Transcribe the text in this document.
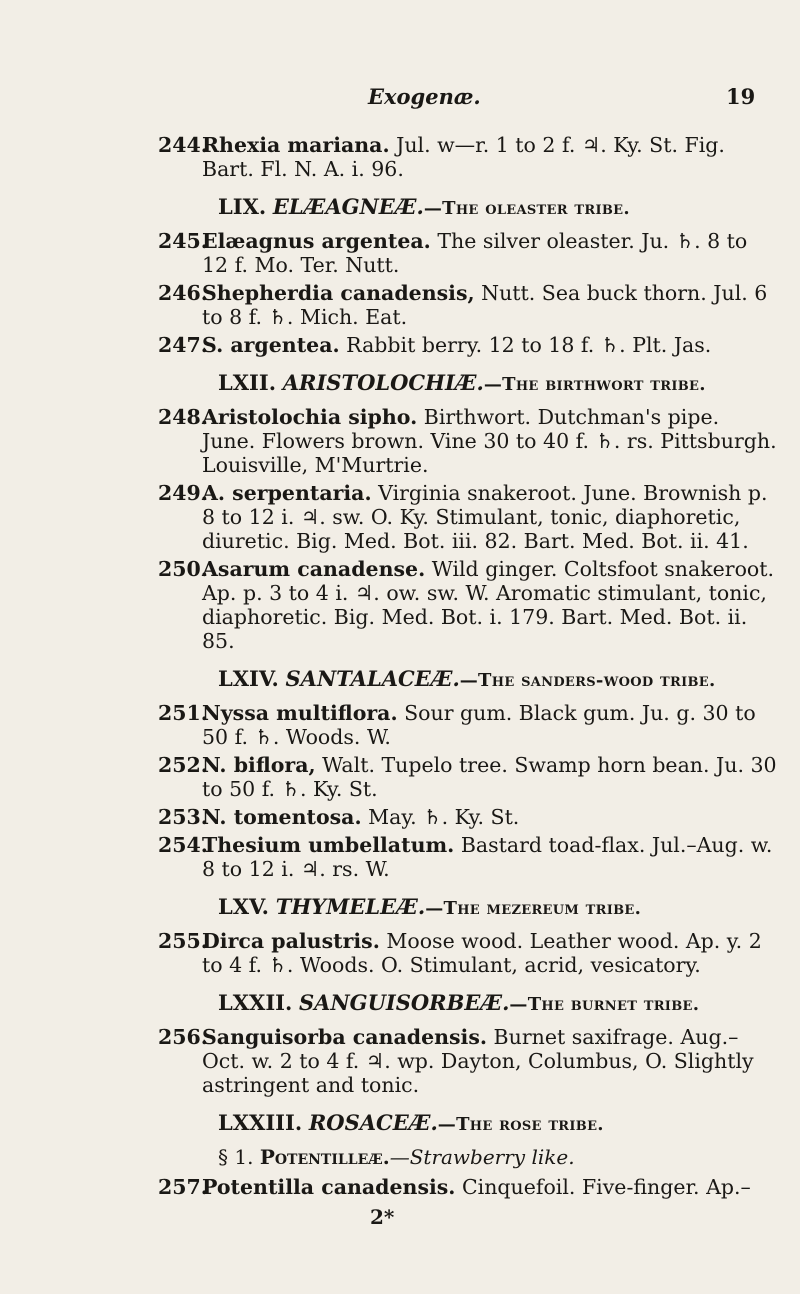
Exogenæ.	19
244.Rhexia mariana. Jul. w—r. 1 to 2 f. ♃. Ky. St. Fig. Bart. Fl. N. A. i. 96.
LIX. ELÆAGNEÆ.—The oleaster tribe.
245.Elæagnus argentea. The silver oleaster. Ju. ♄. 8 to 12 f. Mo. Ter. Nutt.
246.Shepherdia canadensis, Nutt. Sea buck thorn. Jul. 6 to 8 f. ♄. Mich. Eat.
247.S. argentea. Rabbit berry. 12 to 18 f. ♄. Plt. Jas.
LXII. ARISTOLOCHIÆ.—The birthwort tribe.
248.Aristolochia sipho. Birthwort. Dutchman's pipe. June. Flowers brown. Vine 30 to 40 f. ♄. rs. Pittsburgh. Louisville, M'Murtrie.
249.A. serpentaria. Virginia snakeroot. June. Brownish p. 8 to 12 i. ♃. sw. O. Ky. Stimulant, tonic, diaphoretic, diuretic. Big. Med. Bot. iii. 82. Bart. Med. Bot. ii. 41.
250.Asarum canadense. Wild ginger. Coltsfoot snakeroot. Ap. p. 3 to 4 i. ♃. ow. sw. W. Aromatic stimulant, tonic, diaphoretic. Big. Med. Bot. i. 179. Bart. Med. Bot. ii. 85.
LXIV. SANTALACEÆ.—The sanders-wood tribe.
251.Nyssa multiflora. Sour gum. Black gum. Ju. g. 30 to 50 f. ♄. Woods. W.
252.N. biflora, Walt. Tupelo tree. Swamp horn bean. Ju. 30 to 50 f. ♄. Ky. St.
253.N. tomentosa. May. ♄. Ky. St.
254.Thesium umbellatum. Bastard toad-flax. Jul.–Aug. w. 8 to 12 i. ♃. rs. W.
LXV. THYMELEÆ.—The mezereum tribe.
255.Dirca palustris. Moose wood. Leather wood. Ap. y. 2 to 4 f. ♄. Woods. O. Stimulant, acrid, vesicatory.
LXXII. SANGUISORBEÆ.—The burnet tribe.
256.Sanguisorba canadensis. Burnet saxifrage. Aug.–Oct. w. 2 to 4 f. ♃. wp. Dayton, Columbus, O. Slightly astringent and tonic.
LXXIII. ROSACEÆ.—The rose tribe.
§ 1. Potentilleæ.—Strawberry like.
257.Potentilla canadensis. Cinquefoil. Five-finger. Ap.–
2*
